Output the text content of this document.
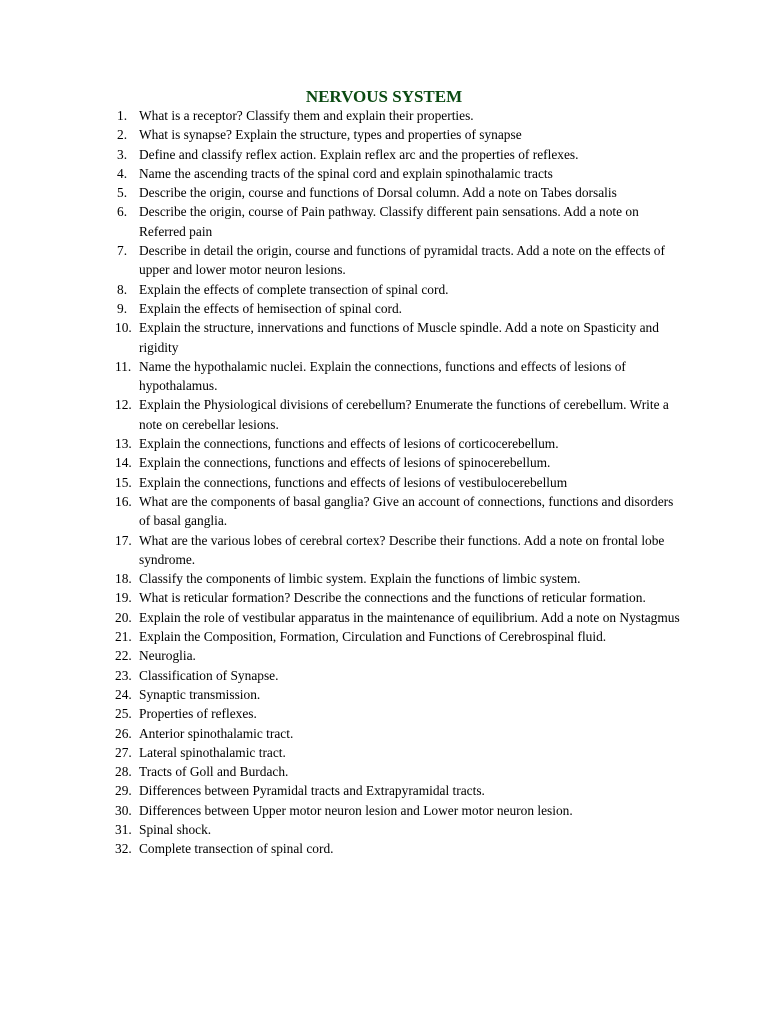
NERVOUS SYSTEM
1. What is a receptor? Classify them and explain their properties.
2. What is synapse? Explain the structure, types and properties of synapse
3. Define and classify reflex action. Explain reflex arc and the properties of reflexes.
4. Name the ascending tracts of the spinal cord and explain spinothalamic tracts
5. Describe the origin, course and functions of Dorsal column. Add a note on Tabes dorsalis
6. Describe the origin, course of Pain pathway. Classify different pain sensations. Add a note on Referred pain
7. Describe in detail the origin, course and functions of pyramidal tracts. Add a note on the effects of upper and lower motor neuron lesions.
8. Explain the effects of complete transection of spinal cord.
9. Explain the effects of hemisection of spinal cord.
10. Explain the structure, innervations and functions of Muscle spindle. Add a note on Spasticity and rigidity
11. Name the hypothalamic nuclei. Explain the connections, functions and effects of lesions of hypothalamus.
12. Explain the Physiological divisions of cerebellum? Enumerate the functions of cerebellum. Write a note on cerebellar lesions.
13. Explain the connections, functions and effects of lesions of corticocerebellum.
14. Explain the connections, functions and effects of lesions of spinocerebellum.
15. Explain the connections, functions and effects of lesions of vestibulocerebellum
16. What are the components of basal ganglia? Give an account of connections, functions and disorders of basal ganglia.
17. What are the various lobes of cerebral cortex? Describe their functions. Add a note on frontal lobe syndrome.
18. Classify the components of limbic system. Explain the functions of limbic system.
19. What is reticular formation? Describe the connections and the functions of reticular formation.
20. Explain the role of vestibular apparatus in the maintenance of equilibrium. Add a note on Nystagmus
21. Explain the Composition, Formation, Circulation and Functions of Cerebrospinal fluid.
22. Neuroglia.
23. Classification of Synapse.
24. Synaptic transmission.
25. Properties of reflexes.
26. Anterior spinothalamic tract.
27. Lateral spinothalamic tract.
28. Tracts of Goll and Burdach.
29. Differences between Pyramidal tracts and Extrapyramidal tracts.
30. Differences between Upper motor neuron lesion and Lower motor neuron lesion.
31. Spinal shock.
32. Complete transection of spinal cord.
